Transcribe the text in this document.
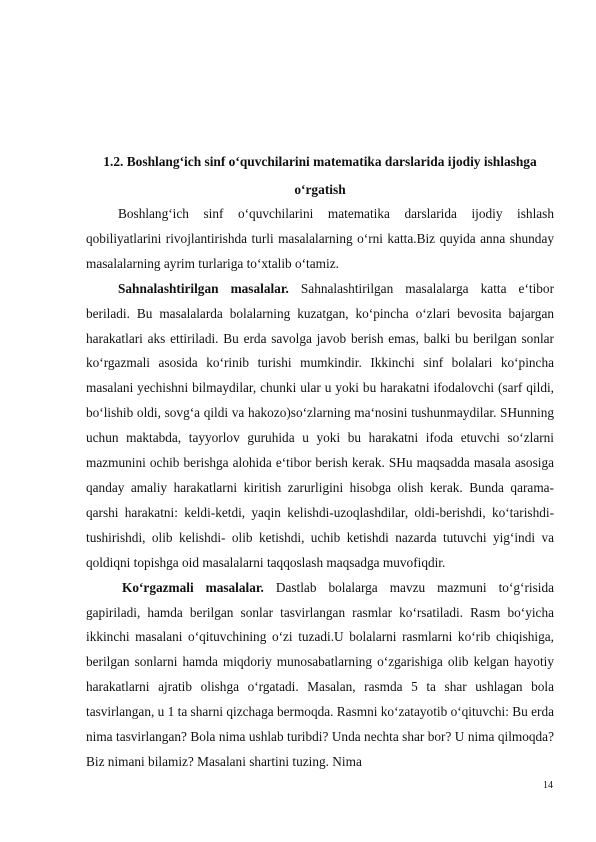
1.2. Boshlang‘ich sinf o‘quvchilarini matematika darslarida ijodiy ishlashga
o‘rgatish

Boshlang‘ich sinf o‘quvchilarini matematika darslarida ijodiy ishlash qobiliyatlarini rivojlantirishda turli masalalarning o‘rni katta.Biz quyida anna shunday masalalarning ayrim turlariga to‘xtalib o‘tamiz.

Sahnalashtirilgan masalalar. Sahnalashtirilgan masalalarga katta e‘tibor beriladi. Bu masalalarda bolalarning kuzatgan, ko‘pincha o‘zlari bevosita bajargan harakatlari aks ettiriladi. Bu erda savolga javob berish emas, balki bu berilgan sonlar ko‘rgazmali asosida ko‘rinib turishi mumkindir. Ikkinchi sinf bolalari ko‘pincha masalani yechishni bilmaydilar, chunki ular u yoki bu harakatni ifodalovchi (sarf qildi, bo‘lishib oldi, sovg‘a qildi va hakozo)so‘zlarning ma‘nosini tushunmaydilar. SHunning uchun maktabda, tayyorlov guruhida u yoki bu harakatni ifoda etuvchi so‘zlarni mazmunini ochib berishga alohida e‘tibor berish kerak. SHu maqsadda masala asosiga qanday amaliy harakatlarni kiritish zarurligini hisobga olish kerak. Bunda qarama- qarshi harakatni: keldi-ketdi, yaqin kelishdi-uzoqlashdilar, oldi-berishdi, ko‘tarishdi-tushirishdi, olib kelishdi- olib ketishdi, uchib ketishdi nazarda tutuvchi yig‘indi va qoldiqni topishga oid masalalarni taqqoslash maqsadga muvofiqdir.

Ko‘rgazmali masalalar. Dastlab bolalarga mavzu mazmuni to‘g‘risida gapiriladi, hamda berilgan sonlar tasvirlangan rasmlar ko‘rsatiladi. Rasm bo‘yicha ikkinchi masalani o‘qituvchining o‘zi tuzadi.U bolalarni rasmlarni ko‘rib chiqishiga, berilgan sonlarni hamda miqdoriy munosabatlarning o‘zgarishiga olib kelgan hayotiy harakatlarni ajratib olishga o‘rgatadi. Masalan, rasmda 5 ta shar ushlagan bola tasvirlangan, u 1 ta sharni qizchaga bermoqda. Rasmni ko‘zatayotib o‘qituvchi: Bu erda nima tasvirlangan? Bola nima ushlab turibdi? Unda nechta shar bor? U nima qilmoqda? Biz nimani bilamiz? Masalani shartini tuzing. Nima

14
